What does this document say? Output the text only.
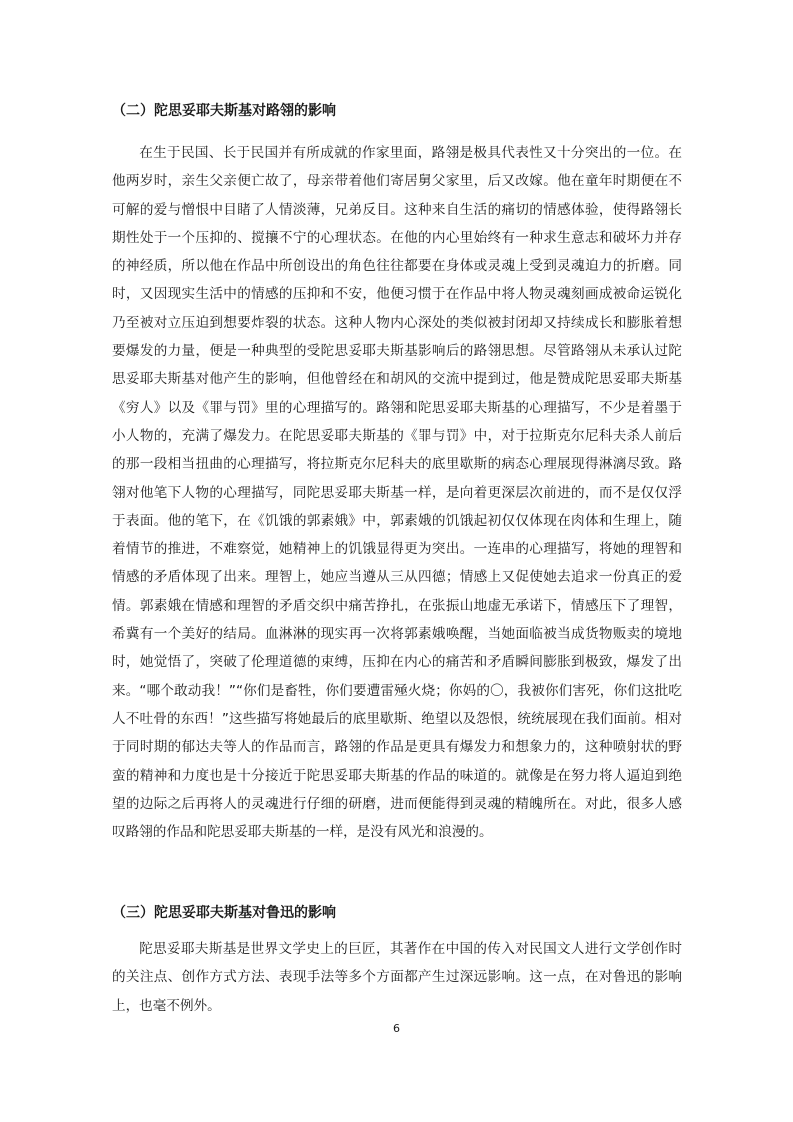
（二）陀思妥耶夫斯基对路翎的影响

在生于民国、长于民国并有所成就的作家里面，路翎是极具代表性又十分突出的一位。在他两岁时，亲生父亲便亡故了，母亲带着他们寄居舅父家里，后又改嫁。他在童年时期便在不可解的爱与憎恨中目睹了人情淡薄，兄弟反目。这种来自生活的痛切的情感体验，使得路翎长期性处于一个压抑的、搅攘不宁的心理状态。在他的内心里始终有一种求生意志和破坏力并存的神经质，所以他在作品中所创设出的角色往往都要在身体或灵魂上受到灵魂迫力的折磨。同时，又因现实生活中的情感的压抑和不安，他便习惯于在作品中将人物灵魂刻画成被命运锐化乃至被对立压迫到想要炸裂的状态。这种人物内心深处的类似被封闭却又持续成长和膨胀着想要爆发的力量，便是一种典型的受陀思妥耶夫斯基影响后的路翎思想。尽管路翎从未承认过陀思妥耶夫斯基对他产生的影响，但他曾经在和胡风的交流中提到过，他是赞成陀思妥耶夫斯基《穷人》以及《罪与罚》里的心理描写的。路翎和陀思妥耶夫斯基的心理描写，不少是着墨于小人物的，充满了爆发力。在陀思妥耶夫斯基的《罪与罚》中，对于拉斯克尔尼科夫杀人前后的那一段相当扭曲的心理描写，将拉斯克尔尼科夫的底里歇斯的病态心理展现得淋漓尽致。路翎对他笔下人物的心理描写，同陀思妥耶夫斯基一样，是向着更深层次前进的，而不是仅仅浮于表面。他的笔下，在《饥饿的郭素娥》中，郭素娥的饥饿起初仅仅体现在肉体和生理上，随着情节的推进，不难察觉，她精神上的饥饿显得更为突出。一连串的心理描写，将她的理智和情感的矛盾体现了出来。理智上，她应当遵从三从四德；情感上又促使她去追求一份真正的爱情。郭素娥在情感和理智的矛盾交织中痛苦挣扎，在张振山地虚无承诺下，情感压下了理智，希冀有一个美好的结局。血淋淋的现实再一次将郭素娥唤醒，当她面临被当成货物贩卖的境地时，她觉悟了，突破了伦理道德的束缚，压抑在内心的痛苦和矛盾瞬间膨胀到极致，爆发了出来。“哪个敢动我！”“你们是畜牲，你们要遭雷殛火烧；你妈的〇，我被你们害死，你们这批吃人不吐骨的东西！”这些描写将她最后的底里歇斯、绝望以及怨恨，统统展现在我们面前。相对于同时期的郁达夫等人的作品而言，路翎的作品是更具有爆发力和想象力的，这种喷射状的野蛮的精神和力度也是十分接近于陀思妥耶夫斯基的作品的味道的。就像是在努力将人逼迫到绝望的边际之后再将人的灵魂进行仔细的研磨，进而便能得到灵魂的精魄所在。对此，很多人感叹路翎的作品和陀思妥耶夫斯基的一样，是没有风光和浪漫的。

（三）陀思妥耶夫斯基对鲁迅的影响

陀思妥耶夫斯基是世界文学史上的巨匠，其著作在中国的传入对民国文人进行文学创作时的关注点、创作方式方法、表现手法等多个方面都产生过深远影响。这一点，在对鲁迅的影响上，也毫不例外。

6
